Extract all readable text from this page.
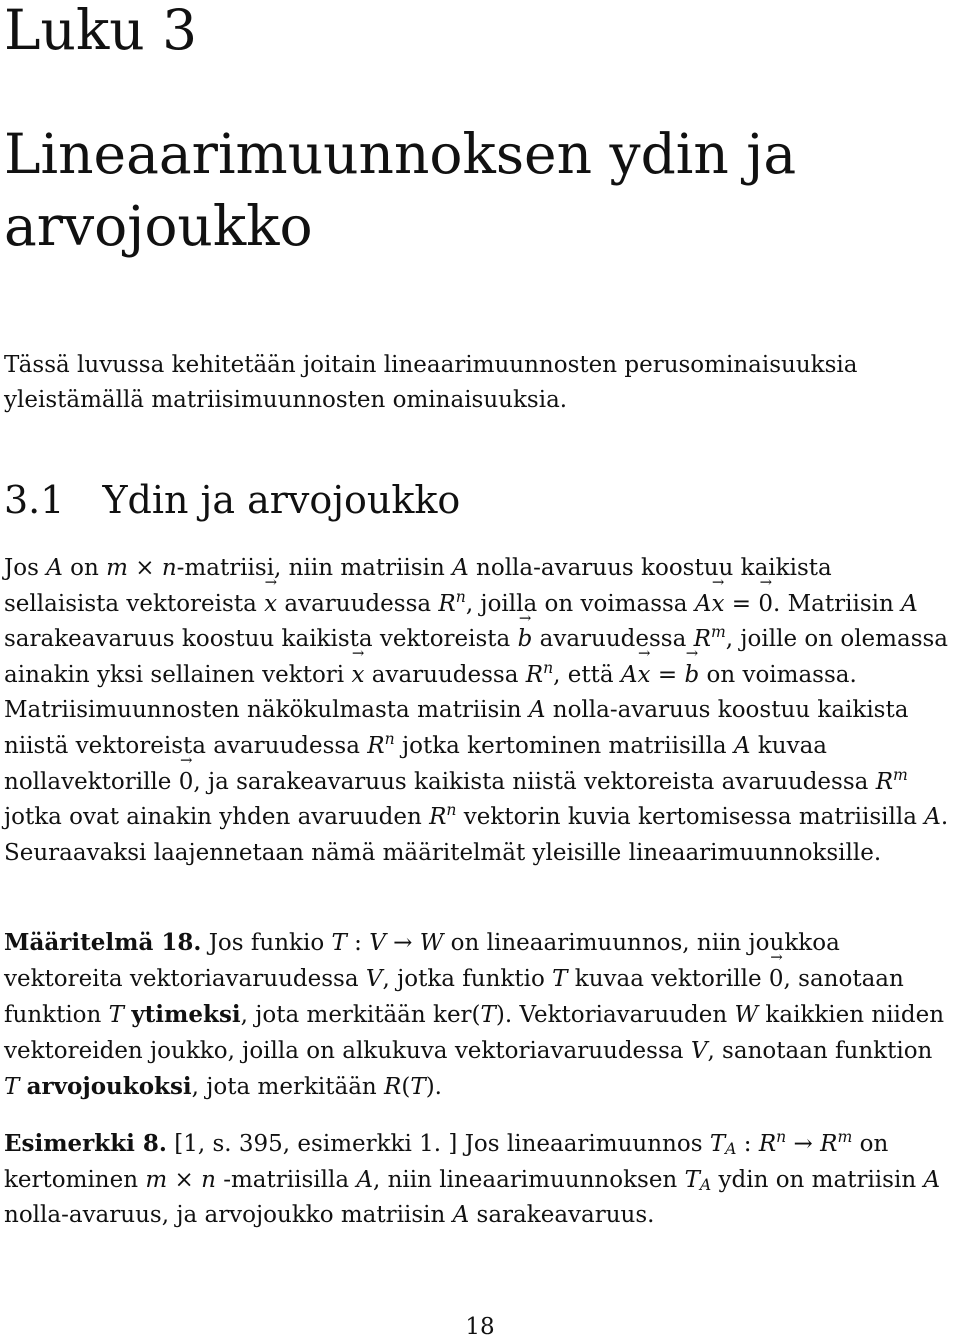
Luku 3
Lineaarimuunnoksen ydin ja
arvojoukko

Tässä luvussa kehitetään joitain lineaarimuunnosten perusominaisuuksia yleistämällä matriisimuunnosten ominaisuuksia.

3.1 Ydin ja arvojoukko

Jos A on m × n-matriisi, niin matriisin A nolla-avaruus koostuu kaikista sellaisista vektoreista → x avaruudessa $R^n$, joilla on voimassa A→ x = → 0. Matriisin A sarakeavaruus koostuu kaikista vektoreista → b avaruudessa $R^m$, joille on olemassa ainakin yksi sellainen vektori → x avaruudessa $R^n$, että A→ x = → b on voimassa. Matriisimuunnosten näkökulmasta matriisin A nolla-avaruus koostuu kaikista niistä vektoreista avaruudessa $R^n$ jotka kertominen matriisilla A kuvaa nollavektorille → 0, ja sarakeavaruus kaikista niistä vektoreista avaruudessa $R^m$ jotka ovat ainakin yhden avaruuden $R^n$ vektorin kuvia kertomisessa matriisilla A. Seuraavaksi laajennetaan nämä määritelmät yleisille lineaarimuunnoksille.

Määritelmä 18. Jos funkio T : V → W on lineaarimuunnos, niin joukkoa vektoreita vektoriavaruudessa V, jotka funktio T kuvaa vektorille → 0, sanotaan funktion T ytimeksi, jota merkitään ker(T). Vektoriavaruuden W kaikkien niiden vektoreiden joukko, joilla on alkukuva vektoriavaruudessa V, sanotaan funktion T arvojoukoksi, jota merkitään R(T).

Esimerkki 8. [1, s. 395, esimerkki 1. ] Jos lineaarimuunnos $T_A$ : $R^n \to R^m$ on kertominen m × n -matriisilla A, niin lineaarimuunnoksen $T_A$ ydin on matriisin A nolla-avaruus, ja arvojoukko matriisin A sarakeavaruus.

18
